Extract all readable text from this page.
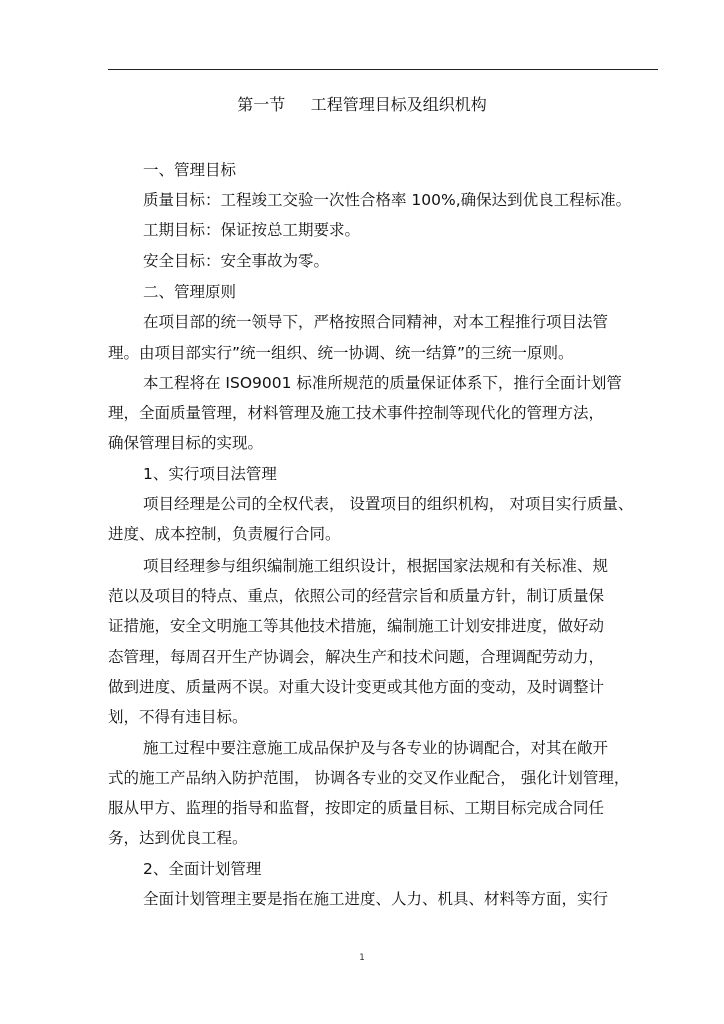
第一节     工程管理目标及组织机构
一、管理目标
质量目标：工程竣工交验一次性合格率 100%,确保达到优良工程标准。
工期目标：保证按总工期要求。
安全目标：安全事故为零。
二、管理原则
在项目部的统一领导下，严格按照合同精神，对本工程推行项目法管
理。由项目部实行”统一组织、统一协调、统一结算”的三统一原则。
本工程将在 ISO9001 标准所规范的质量保证体系下，推行全面计划管
理，全面质量管理，材料管理及施工技术事件控制等现代化的管理方法，
确保管理目标的实现。
1、实行项目法管理
项目经理是公司的全权代表， 设置项目的组织机构， 对项目实行质量、
进度、成本控制，负责履行合同。
项目经理参与组织编制施工组织设计，根据国家法规和有关标准、规
范以及项目的特点、重点，依照公司的经营宗旨和质量方针，制订质量保
证措施，安全文明施工等其他技术措施，编制施工计划安排进度，做好动
态管理，每周召开生产协调会，解决生产和技术问题，合理调配劳动力，
做到进度、质量两不误。对重大设计变更或其他方面的变动，及时调整计
划，不得有违目标。
施工过程中要注意施工成品保护及与各专业的协调配合，对其在敞开
式的施工产品纳入防护范围， 协调各专业的交叉作业配合， 强化计划管理，
服从甲方、监理的指导和监督，按即定的质量目标、工期目标完成合同任
务，达到优良工程。
2、全面计划管理
全面计划管理主要是指在施工进度、人力、机具、材料等方面，实行
1
